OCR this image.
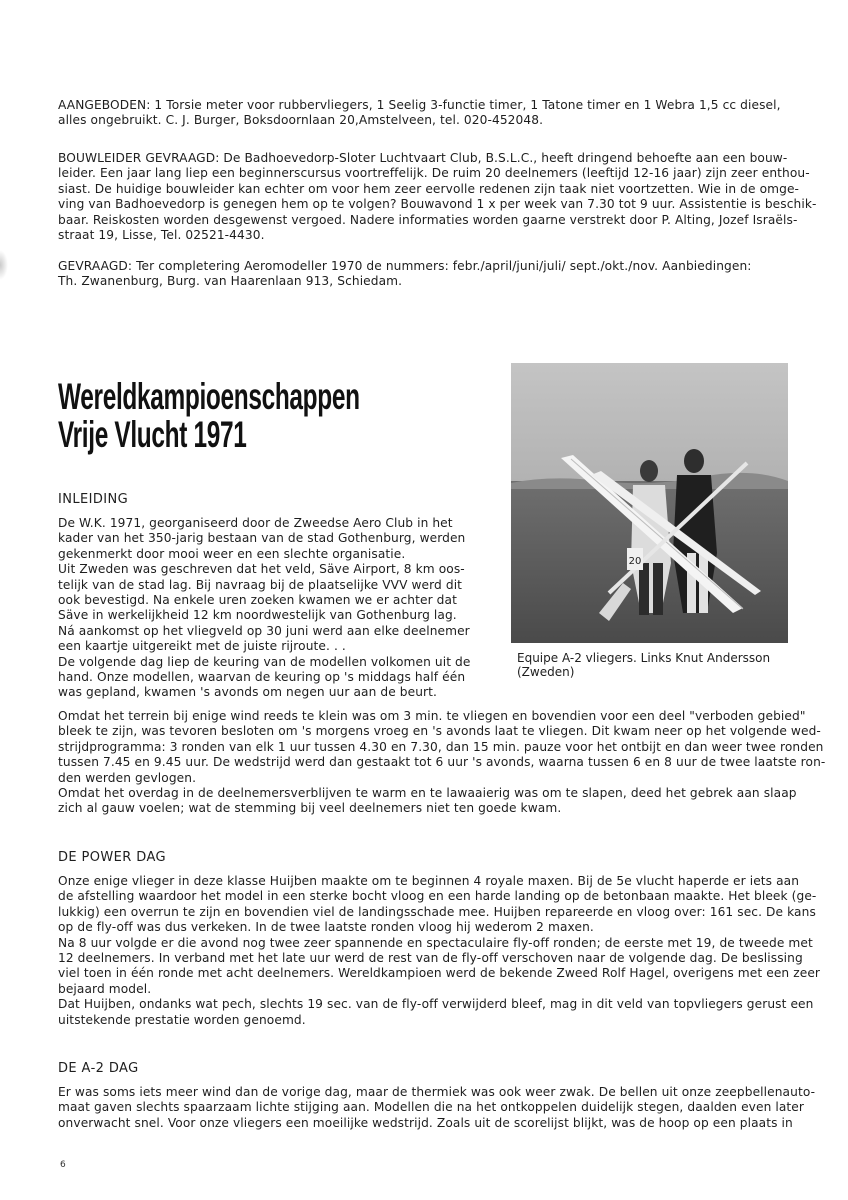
AANGEBODEN: 1 Torsie meter voor rubbervliegers, 1 Seelig 3-functie timer, 1 Tatone timer en 1 Webra 1,5 cc diesel,
alles ongebruikt. C. J. Burger, Boksdoornlaan 20,Amstelveen, tel. 020-452048.

BOUWLEIDER GEVRAAGD: De Badhoevedorp-Sloter Luchtvaart Club, B.S.L.C., heeft dringend behoefte aan een bouw-
leider. Een jaar lang liep een beginnerscursus voortreffelijk. De ruim 20 deelnemers (leeftijd 12-16 jaar) zijn zeer enthou-
siast. De huidige bouwleider kan echter om voor hem zeer eervolle redenen zijn taak niet voortzetten. Wie in de omge-
ving van Badhoevedorp is genegen hem op te volgen? Bouwavond 1 x per week van 7.30 tot 9 uur. Assistentie is beschik-
baar. Reiskosten worden desgewenst vergoed. Nadere informaties worden gaarne verstrekt door P. Alting, Jozef Israëls-
straat 19, Lisse, Tel. 02521-4430.

GEVRAAGD: Ter completering Aeromodeller 1970 de nummers: febr./april/juni/juli/ sept./okt./nov. Aanbiedingen:
Th. Zwanenburg, Burg. van Haarenlaan 913, Schiedam.

Wereldkampioenschappen
Vrije Vlucht 1971
20

Equipe A-2 vliegers. Links Knut Andersson
(Zweden)

INLEIDING

De W.K. 1971, georganiseerd door de Zweedse Aero Club in het
kader van het 350-jarig bestaan van de stad Gothenburg, werden
gekenmerkt door mooi weer en een slechte organisatie.
Uit Zweden was geschreven dat het veld, Säve Airport, 8 km oos-
telijk van de stad lag. Bij navraag bij de plaatselijke VVV werd dit
ook bevestigd. Na enkele uren zoeken kwamen we er achter dat
Säve in werkelijkheid 12 km noordwestelijk van Gothenburg lag.
Ná aankomst op het vliegveld op 30 juni werd aan elke deelnemer
een kaartje uitgereikt met de juiste rijroute. . .
De volgende dag liep de keuring van de modellen volkomen uit de
hand. Onze modellen, waarvan de keuring op 's middags half één
was gepland, kwamen 's avonds om negen uur aan de beurt.

Omdat het terrein bij enige wind reeds te klein was om 3 min. te vliegen en bovendien voor een deel "verboden gebied"
bleek te zijn, was tevoren besloten om 's morgens vroeg en 's avonds laat te vliegen. Dit kwam neer op het volgende wed-
strijdprogramma: 3 ronden van elk 1 uur tussen 4.30 en 7.30, dan 15 min. pauze voor het ontbijt en dan weer twee ronden
tussen 7.45 en 9.45 uur. De wedstrijd werd dan gestaakt tot 6 uur 's avonds, waarna tussen 6 en 8 uur de twee laatste ron-
den werden gevlogen.
Omdat het overdag in de deelnemersverblijven te warm en te lawaaierig was om te slapen, deed het gebrek aan slaap
zich al gauw voelen; wat de stemming bij veel deelnemers niet ten goede kwam.

DE POWER DAG

Onze enige vlieger in deze klasse Huijben maakte om te beginnen 4 royale maxen. Bij de 5e vlucht haperde er iets aan
de afstelling waardoor het model in een sterke bocht vloog en een harde landing op de betonbaan maakte. Het bleek (ge-
lukkig) een overrun te zijn en bovendien viel de landingsschade mee. Huijben repareerde en vloog over: 161 sec. De kans
op de fly-off was dus verkeken. In de twee laatste ronden vloog hij wederom 2 maxen.
Na 8 uur volgde er die avond nog twee zeer spannende en spectaculaire fly-off ronden; de eerste met 19, de tweede met
12 deelnemers. In verband met het late uur werd de rest van de fly-off verschoven naar de volgende dag. De beslissing
viel toen in één ronde met acht deelnemers. Wereldkampioen werd de bekende Zweed Rolf Hagel, overigens met een zeer
bejaard model.
Dat Huijben, ondanks wat pech, slechts 19 sec. van de fly-off verwijderd bleef, mag in dit veld van topvliegers gerust een
uitstekende prestatie worden genoemd.

DE A-2 DAG

Er was soms iets meer wind dan de vorige dag, maar de thermiek was ook weer zwak. De bellen uit onze zeepbellenauto-
maat gaven slechts spaarzaam lichte stijging aan. Modellen die na het ontkoppelen duidelijk stegen, daalden even later
onverwacht snel. Voor onze vliegers een moeilijke wedstrijd. Zoals uit de scorelijst blijkt, was de hoop op een plaats in

6
